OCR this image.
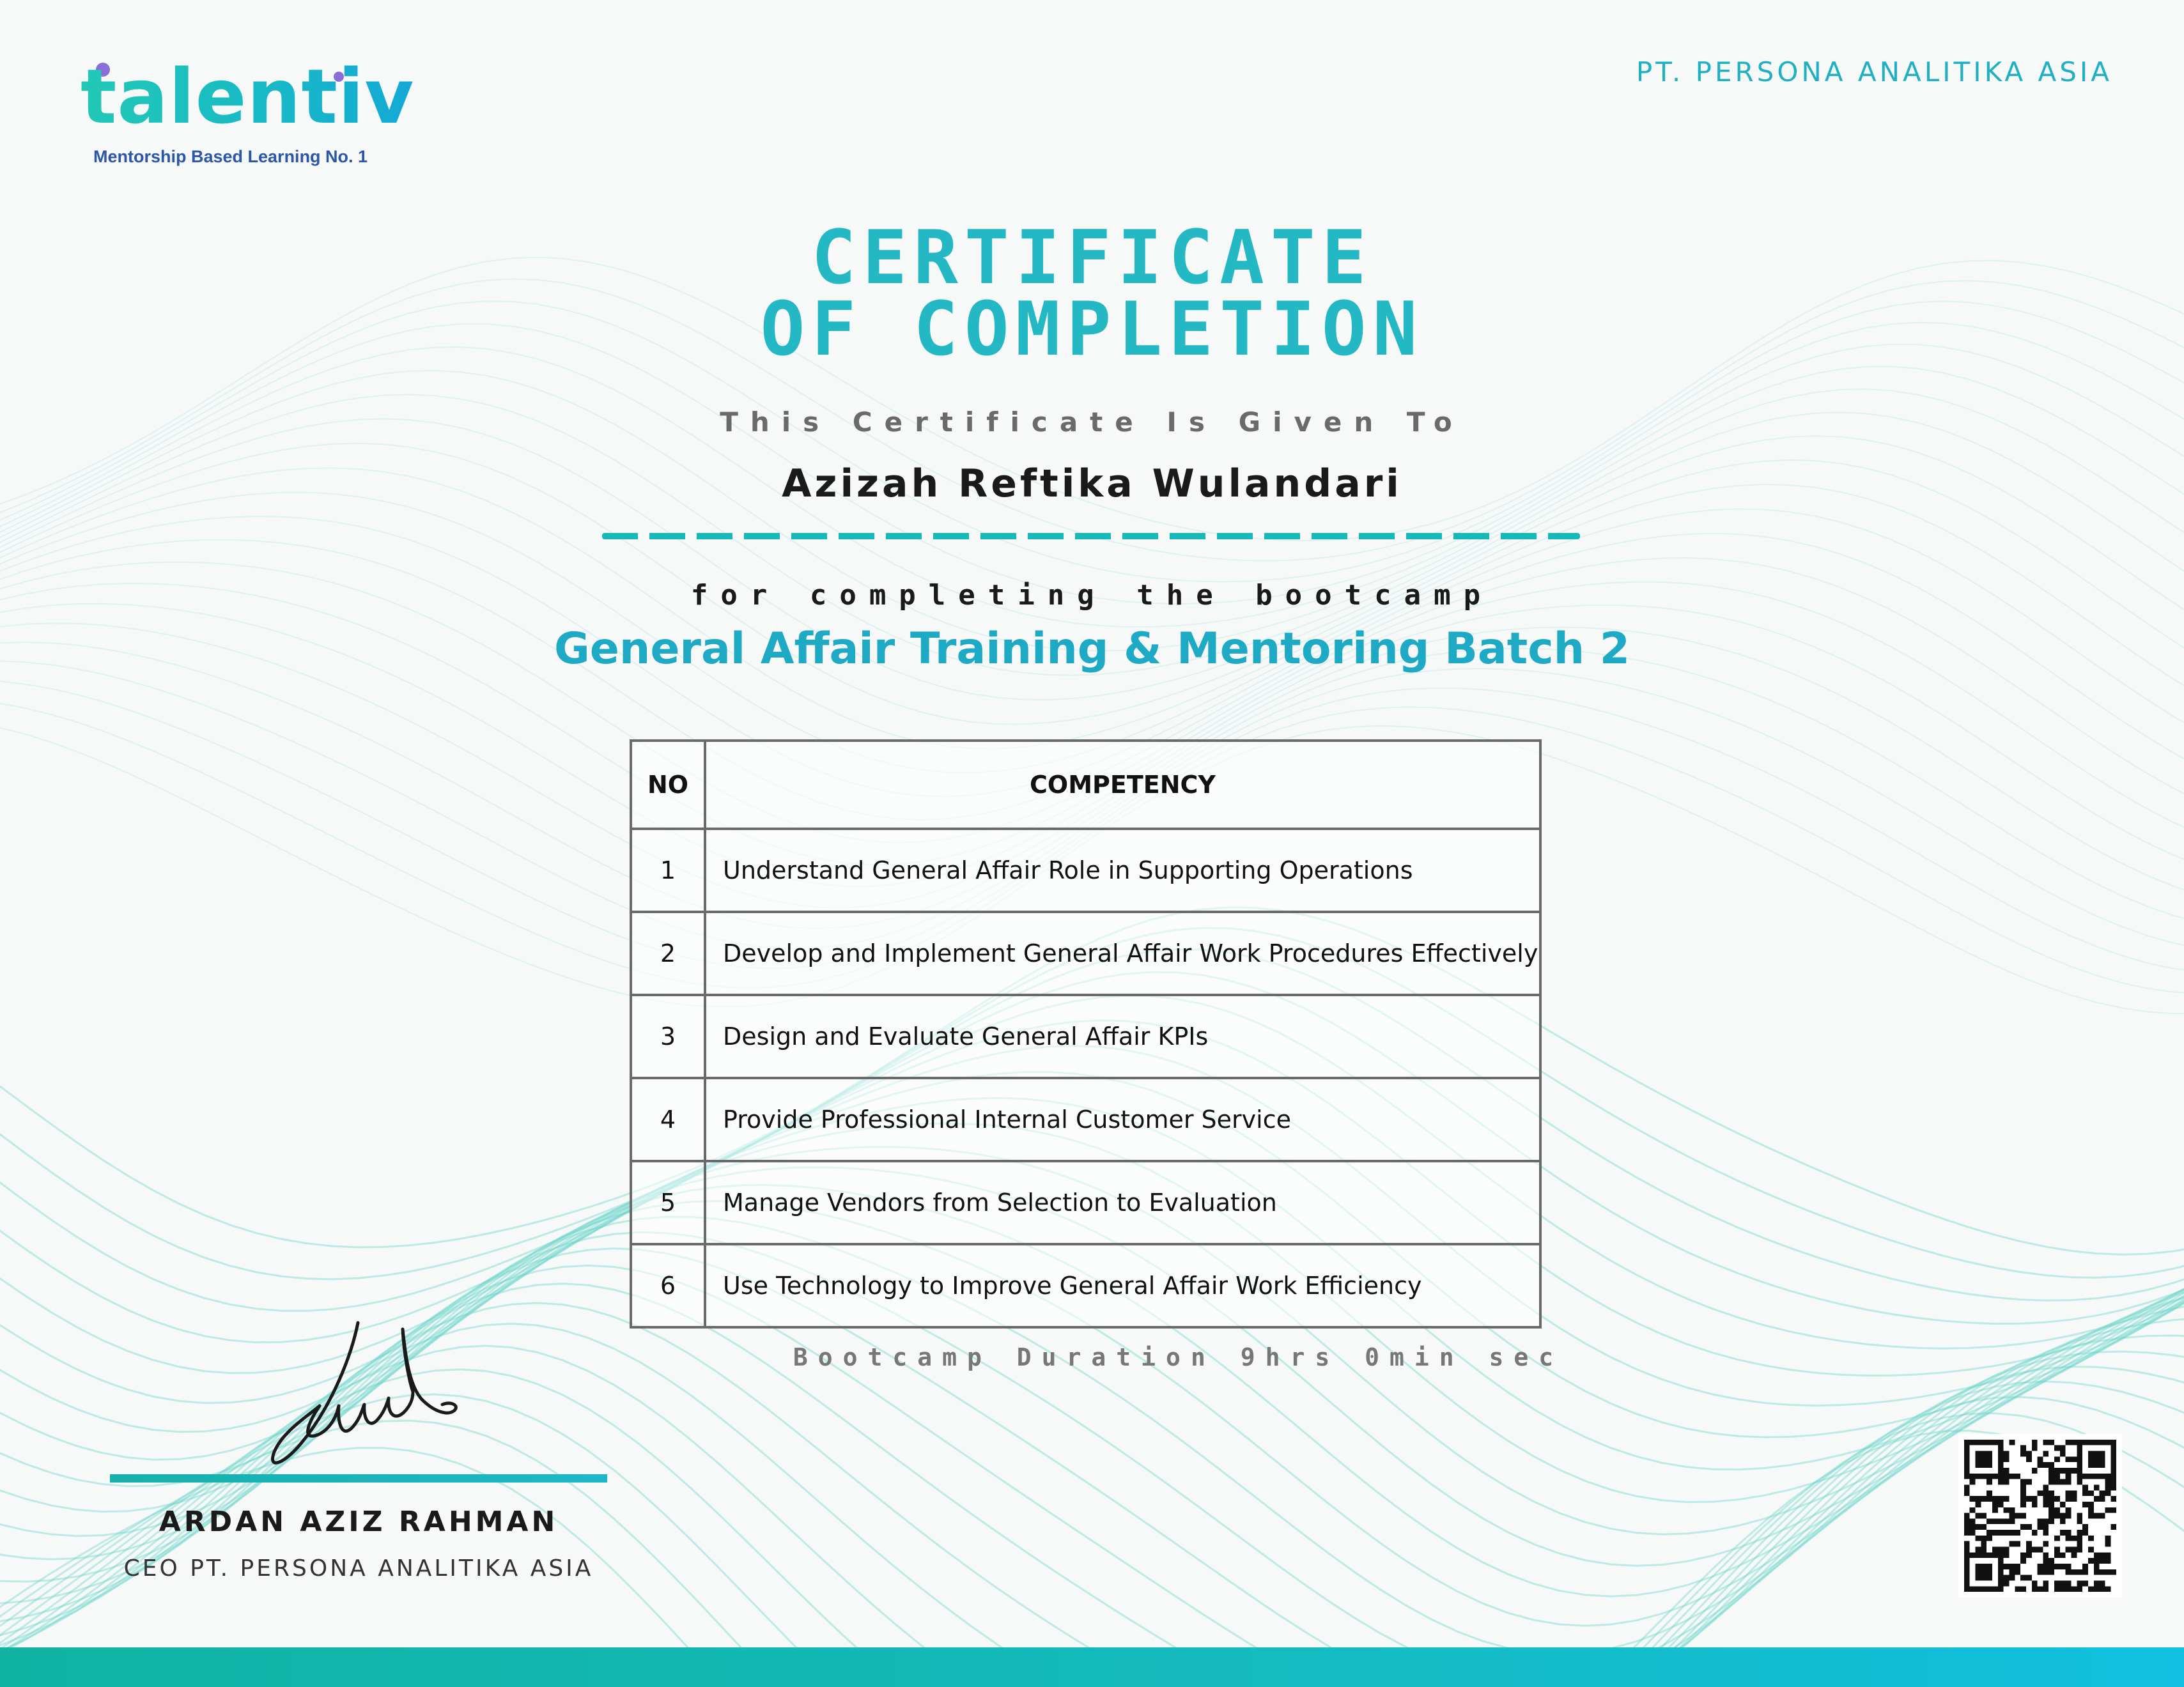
talentiv
Mentorship Based Learning No. 1
PT. PERSONA ANALITIKA ASIA
CERTIFICATE
OF COMPLETION
This Certificate Is Given To
Azizah Reftika Wulandari
for completing the bootcamp
General Affair Training & Mentoring Batch 2
NO	COMPETENCY
1	Understand General Affair Role in Supporting Operations
2	Develop and Implement General Affair Work Procedures Effectively
3	Design and Evaluate General Affair KPIs
4	Provide Professional Internal Customer Service
5	Manage Vendors from Selection to Evaluation
6	Use Technology to Improve General Affair Work Efficiency
Bootcamp Duration 9hrs 0min sec
ARDAN AZIZ RAHMAN
CEO PT. PERSONA ANALITIKA ASIA
